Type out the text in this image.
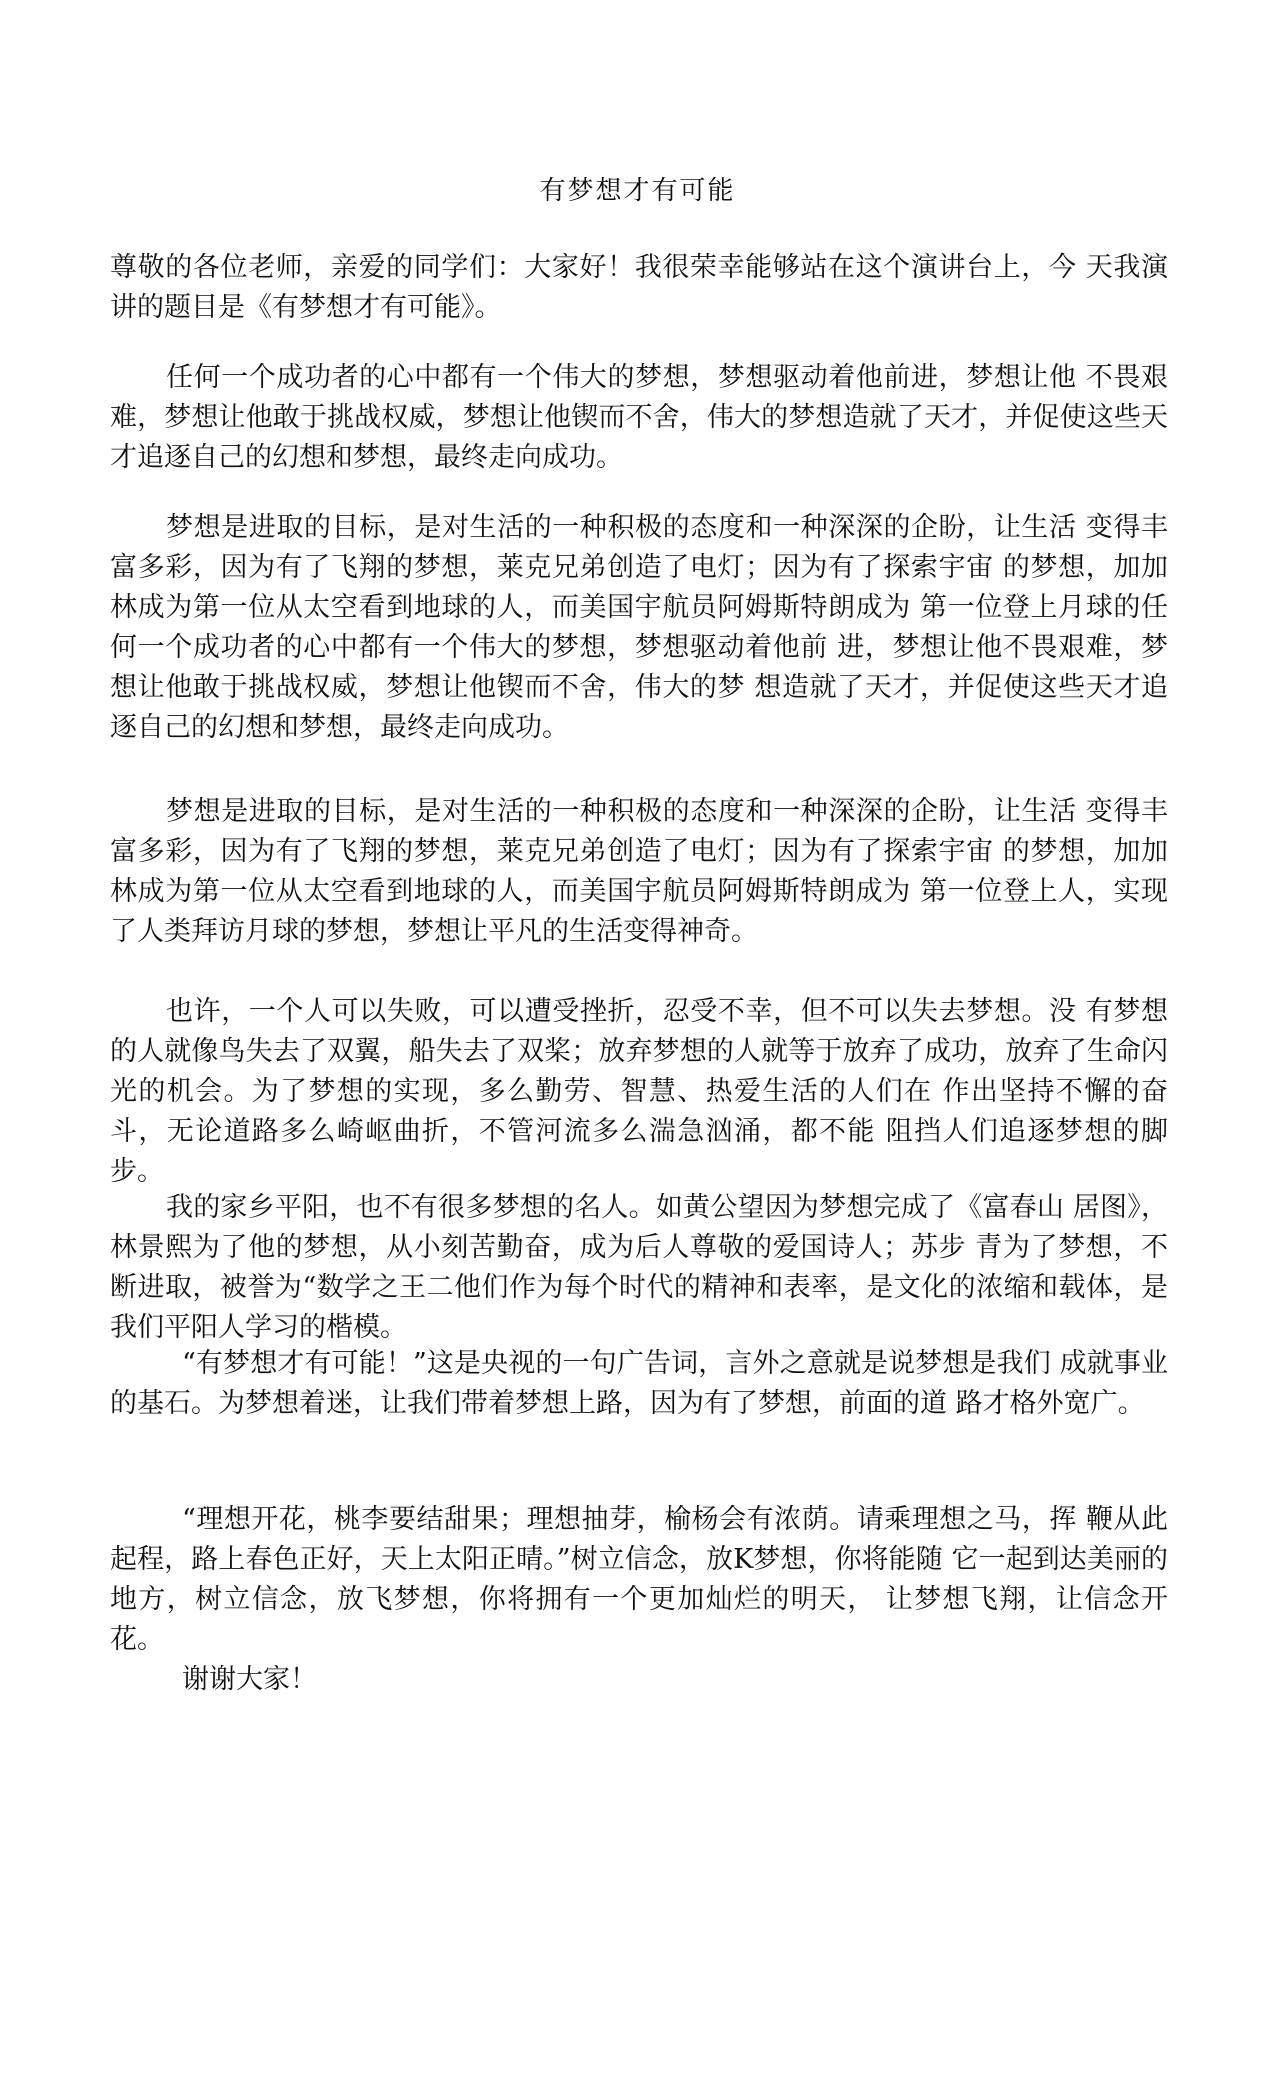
有梦想才有可能

尊敬的各位老师，亲爱的同学们：大家好！我很荣幸能够站在这个演讲台上，今 天我演讲的题目是《有梦想才有可能》。

任何一个成功者的心中都有一个伟大的梦想，梦想驱动着他前进，梦想让他 不畏艰难，梦想让他敢于挑战权威，梦想让他锲而不舍，伟大的梦想造就了天才，并促使这些天才追逐自己的幻想和梦想，最终走向成功。

梦想是进取的目标，是对生活的一种积极的态度和一种深深的企盼，让生活 变得丰富多彩，因为有了飞翔的梦想，莱克兄弟创造了电灯；因为有了探索宇宙 的梦想，加加林成为第一位从太空看到地球的人，而美国宇航员阿姆斯特朗成为 第一位登上月球的任何一个成功者的心中都有一个伟大的梦想，梦想驱动着他前 进，梦想让他不畏艰难，梦想让他敢于挑战权威，梦想让他锲而不舍，伟大的梦 想造就了天才，并促使这些天才追逐自己的幻想和梦想，最终走向成功。

梦想是进取的目标，是对生活的一种积极的态度和一种深深的企盼，让生活 变得丰富多彩，因为有了飞翔的梦想，莱克兄弟创造了电灯；因为有了探索宇宙 的梦想，加加林成为第一位从太空看到地球的人，而美国宇航员阿姆斯特朗成为 第一位登上人，实现了人类拜访月球的梦想，梦想让平凡的生活变得神奇。

也许，一个人可以失败，可以遭受挫折，忍受不幸，但不可以失去梦想。没 有梦想的人就像鸟失去了双翼，船失去了双桨；放弃梦想的人就等于放弃了成功，放弃了生命闪光的机会。为了梦想的实现，多么勤劳、智慧、热爱生活的人们在 作出坚持不懈的奋斗，无论道路多么崎岖曲折，不管河流多么湍急汹涌，都不能 阻挡人们追逐梦想的脚步。

我的家乡平阳，也不有很多梦想的名人。如黄公望因为梦想完成了《富春山 居图》，林景熙为了他的梦想，从小刻苦勤奋，成为后人尊敬的爱国诗人；苏步 青为了梦想，不断进取，被誉为“数学之王二他们作为每个时代的精神和表率，是文化的浓缩和载体，是我们平阳人学习的楷模。

“有梦想才有可能！”这是央视的一句广告词，言外之意就是说梦想是我们 成就事业的基石。为梦想着迷，让我们带着梦想上路，因为有了梦想，前面的道 路才格外宽广。

“理想开花，桃李要结甜果；理想抽芽，榆杨会有浓荫。请乘理想之马，挥 鞭从此起程，路上春色正好，天上太阳正晴。”树立信念，放K梦想，你将能随 它一起到达美丽的地方，树立信念，放飞梦想，你将拥有一个更加灿烂的明天， 让梦想飞翔，让信念开花。

谢谢大家！
